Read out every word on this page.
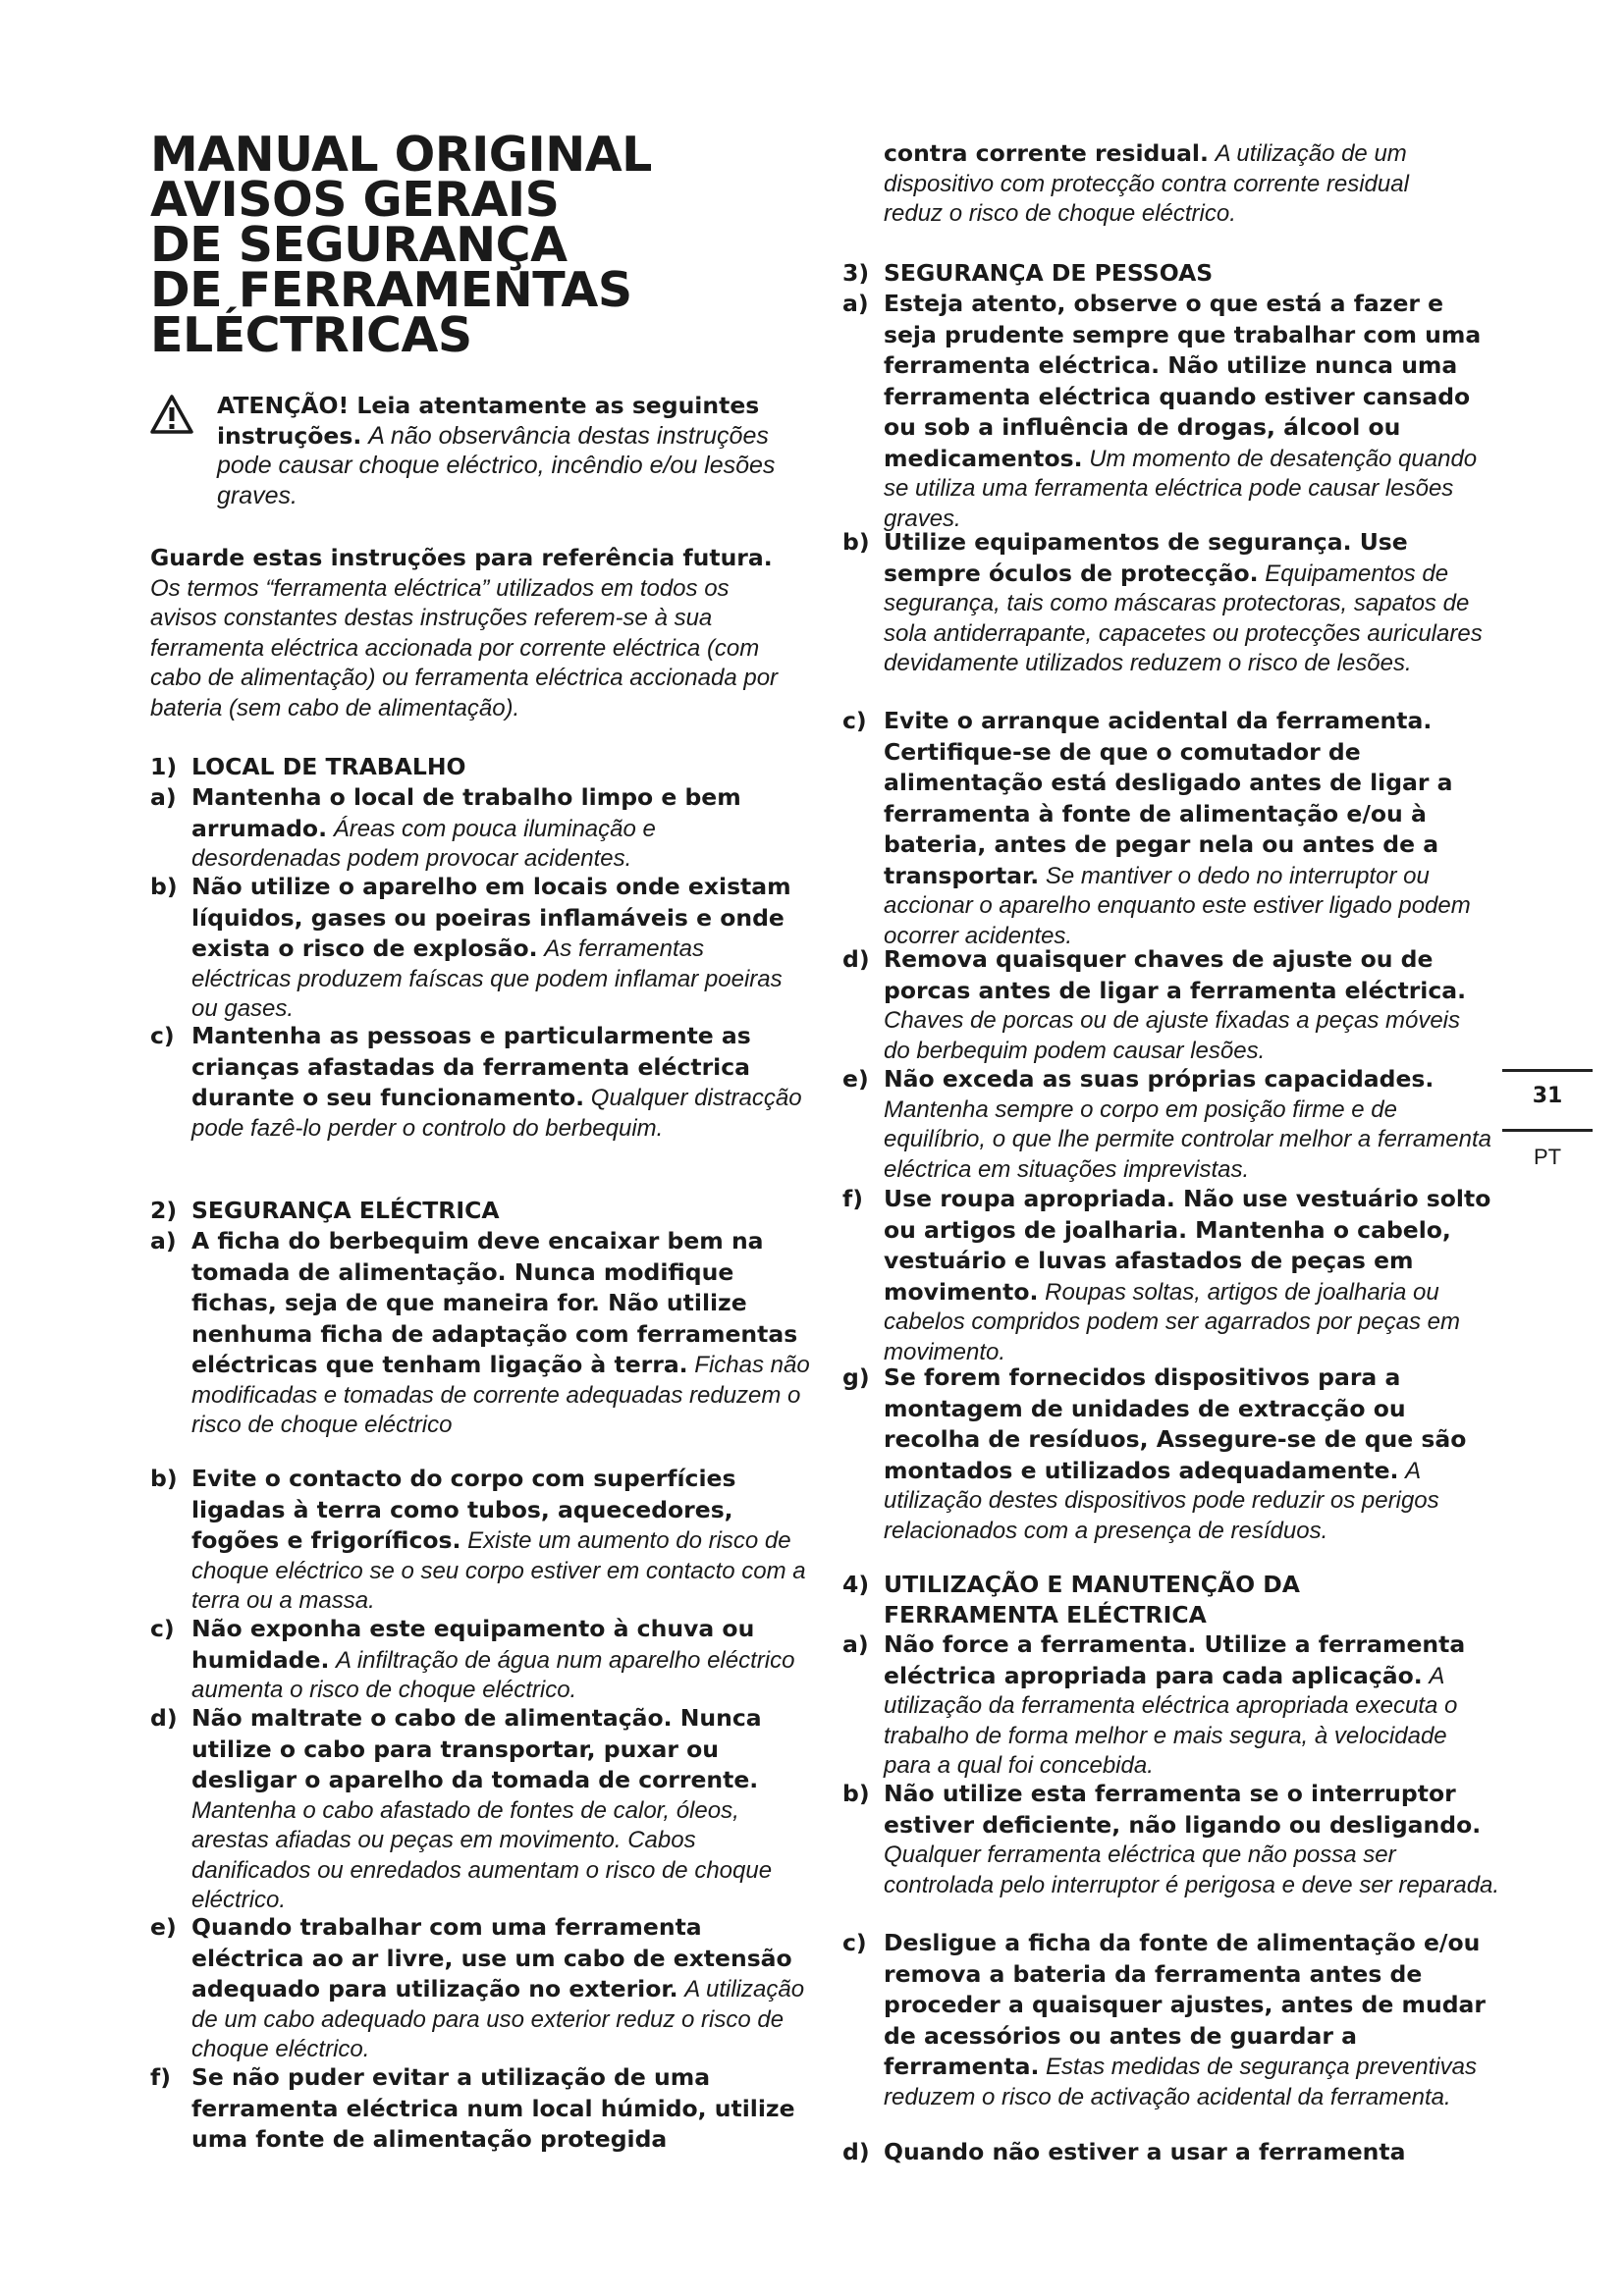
MANUAL ORIGINAL
AVISOS GERAIS
DE SEGURANÇA
DE FERRAMENTAS
ELÉCTRICAS
ATENÇÃO! Leia atentamente as seguintes instruções. A não observância destas instruções pode causar choque eléctrico, incêndio e/ou lesões graves.
Guarde estas instruções para referência futura. Os termos “ferramenta eléctrica” utilizados em todos os avisos constantes destas instruções referem-se à sua ferramenta eléctrica accionada por corrente eléctrica (com cabo de alimentação) ou ferramenta eléctrica accionada por bateria (sem cabo de alimentação).
1) LOCAL DE TRABALHO
a) Mantenha o local de trabalho limpo e bem arrumado. Áreas com pouca iluminação e desordenadas podem provocar acidentes.
b) Não utilize o aparelho em locais onde existam líquidos, gases ou poeiras inflamáveis e onde exista o risco de explosão. As ferramentas eléctricas produzem faíscas que podem inflamar poeiras ou gases.
c) Mantenha as pessoas e particularmente as crianças afastadas da ferramenta eléctrica durante o seu funcionamento. Qualquer distracção pode fazê-lo perder o controlo do berbequim.
2) SEGURANÇA ELÉCTRICA
a) A ficha do berbequim deve encaixar bem na tomada de alimentação. Nunca modifique fichas, seja de que maneira for. Não utilize nenhuma ficha de adaptação com ferramentas eléctricas que tenham ligação à terra. Fichas não modificadas e tomadas de corrente adequadas reduzem o risco de choque eléctrico
b) Evite o contacto do corpo com superfícies ligadas à terra como tubos, aquecedores, fogões e frigoríficos. Existe um aumento do risco de choque eléctrico se o seu corpo estiver em contacto com a terra ou a massa.
c) Não exponha este equipamento à chuva ou humidade. A infiltração de água num aparelho eléctrico aumenta o risco de choque eléctrico.
d) Não maltrate o cabo de alimentação. Nunca utilize o cabo para transportar, puxar ou desligar o aparelho da tomada de corrente. Mantenha o cabo afastado de fontes de calor, óleos, arestas afiadas ou peças em movimento. Cabos danificados ou enredados aumentam o risco de choque eléctrico.
e) Quando trabalhar com uma ferramenta eléctrica ao ar livre, use um cabo de extensão adequado para utilização no exterior. A utilização de um cabo adequado para uso exterior reduz o risco de choque eléctrico.
f) Se não puder evitar a utilização de uma ferramenta eléctrica num local húmido, utilize uma fonte de alimentação protegida
contra corrente residual. A utilização de um dispositivo com protecção contra corrente residual reduz o risco de choque eléctrico.
3) SEGURANÇA DE PESSOAS
a) Esteja atento, observe o que está a fazer e seja prudente sempre que trabalhar com uma ferramenta eléctrica. Não utilize nunca uma ferramenta eléctrica quando estiver cansado ou sob a influência de drogas, álcool ou medicamentos. Um momento de desatenção quando se utiliza uma ferramenta eléctrica pode causar lesões graves.
b) Utilize equipamentos de segurança. Use sempre óculos de protecção. Equipamentos de segurança, tais como máscaras protectoras, sapatos de sola antiderrapante, capacetes ou protecções auriculares devidamente utilizados reduzem o risco de lesões.
c) Evite o arranque acidental da ferramenta. Certifique-se de que o comutador de alimentação está desligado antes de ligar a ferramenta à fonte de alimentação e/ou à bateria, antes de pegar nela ou antes de a transportar. Se mantiver o dedo no interruptor ou accionar o aparelho enquanto este estiver ligado podem ocorrer acidentes.
d) Remova quaisquer chaves de ajuste ou de porcas antes de ligar a ferramenta eléctrica. Chaves de porcas ou de ajuste fixadas a peças móveis do berbequim podem causar lesões.
e) Não exceda as suas próprias capacidades. Mantenha sempre o corpo em posição firme e de equilíbrio, o que lhe permite controlar melhor a ferramenta eléctrica em situações imprevistas.
f) Use roupa apropriada. Não use vestuário solto ou artigos de joalharia. Mantenha o cabelo, vestuário e luvas afastados de peças em movimento. Roupas soltas, artigos de joalharia ou cabelos compridos podem ser agarrados por peças em movimento.
g) Se forem fornecidos dispositivos para a montagem de unidades de extracção ou recolha de resíduos, Assegure-se de que são montados e utilizados adequadamente. A utilização destes dispositivos pode reduzir os perigos relacionados com a presença de resíduos.
4) UTILIZAÇÃO E MANUTENÇÃO DA FERRAMENTA ELÉCTRICA
a) Não force a ferramenta. Utilize a ferramenta eléctrica apropriada para cada aplicação. A utilização da ferramenta eléctrica apropriada executa o trabalho de forma melhor e mais segura, à velocidade para a qual foi concebida.
b) Não utilize esta ferramenta se o interruptor estiver deficiente, não ligando ou desligando. Qualquer ferramenta eléctrica que não possa ser controlada pelo interruptor é perigosa e deve ser reparada.
c) Desligue a ficha da fonte de alimentação e/ou remova a bateria da ferramenta antes de proceder a quaisquer ajustes, antes de mudar de acessórios ou antes de guardar a ferramenta. Estas medidas de segurança preventivas reduzem o risco de activação acidental da ferramenta.
d) Quando não estiver a usar a ferramenta
31
PT
